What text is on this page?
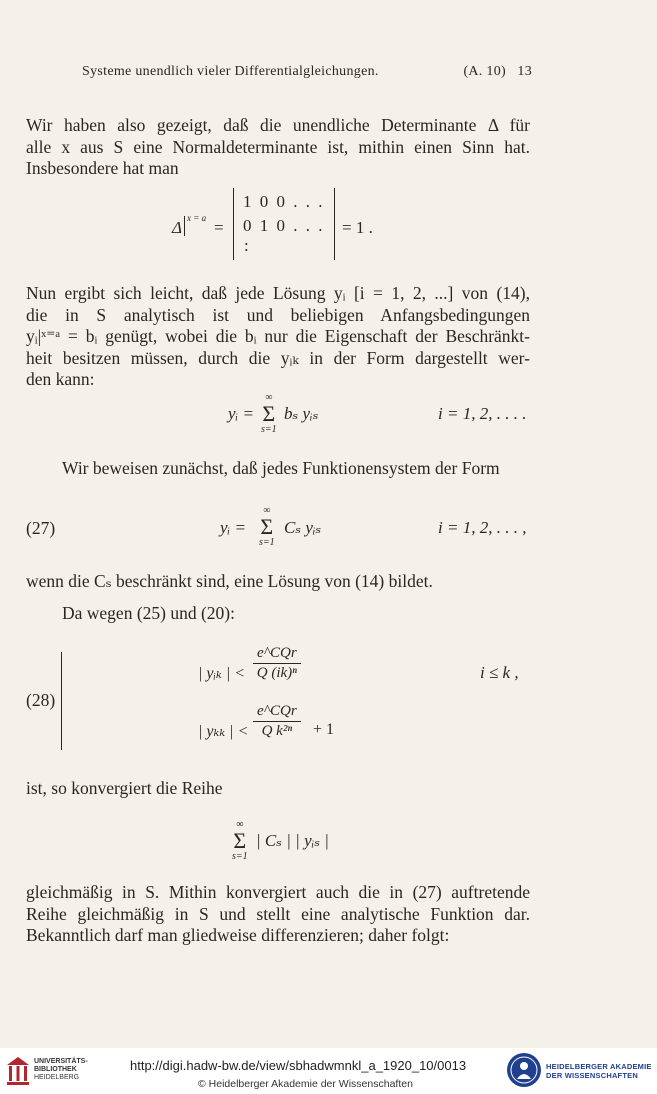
Systeme unendlich vieler Differentialgleichungen.	(A. 10) 13
Wir haben also gezeigt, daß die unendliche Determinante Δ für
alle x aus S eine Normaldeterminante ist, mithin einen Sinn hat.
Insbesondere hat man
Δ x = a =
1 0 0 . . .
0 1 0 . . .
:
= 1 .
Nun ergibt sich leicht, daß jede Lösung yᵢ [i = 1, 2, ...] von (14),
die in S analytisch ist und beliebigen Anfangsbedingungen
yᵢ|ˣ⁼ᵃ = bᵢ genügt, wobei die bᵢ nur die Eigenschaft der Beschränkt-
heit besitzen müssen, durch die yᵢₖ in der Form dargestellt wer-
den kann:
yᵢ =
∞
Σ
s=1
bₛ yᵢₛ	i = 1, 2, . . . .
Wir beweisen zunächst, daß jedes Funktionensystem der Form
(27)	yᵢ =
∞
Σ
s=1
Cₛ yᵢₛ	i = 1, 2, . . . ,
wenn die Cₛ beschränkt sind, eine Lösung von (14) bildet.
Da wegen (25) und (20):
(28)
| yᵢₖ | <
e^CQr
Q (ik)ⁿ	i ≤ k ,
| yₖₖ | <
e^CQr
Q k²ⁿ	+ 1
ist, so konvergiert die Reihe
∞
Σ
s=1
| Cₛ | | yᵢₛ |
gleichmäßig in S. Mithin konvergiert auch die in (27) auftretende
Reihe gleichmäßig in S und stellt eine analytische Funktion dar.
Bekanntlich darf man gliedweise differenzieren; daher folgt:
UNIVERSITÄTS-
BIBLIOTHEK
HEIDELBERG
http://digi.hadw-bw.de/view/sbhadwmnkl_a_1920_10/0013
© Heidelberger Akademie der Wissenschaften
HEIDELBERGER AKADEMIE
DER WISSENSCHAFTEN
